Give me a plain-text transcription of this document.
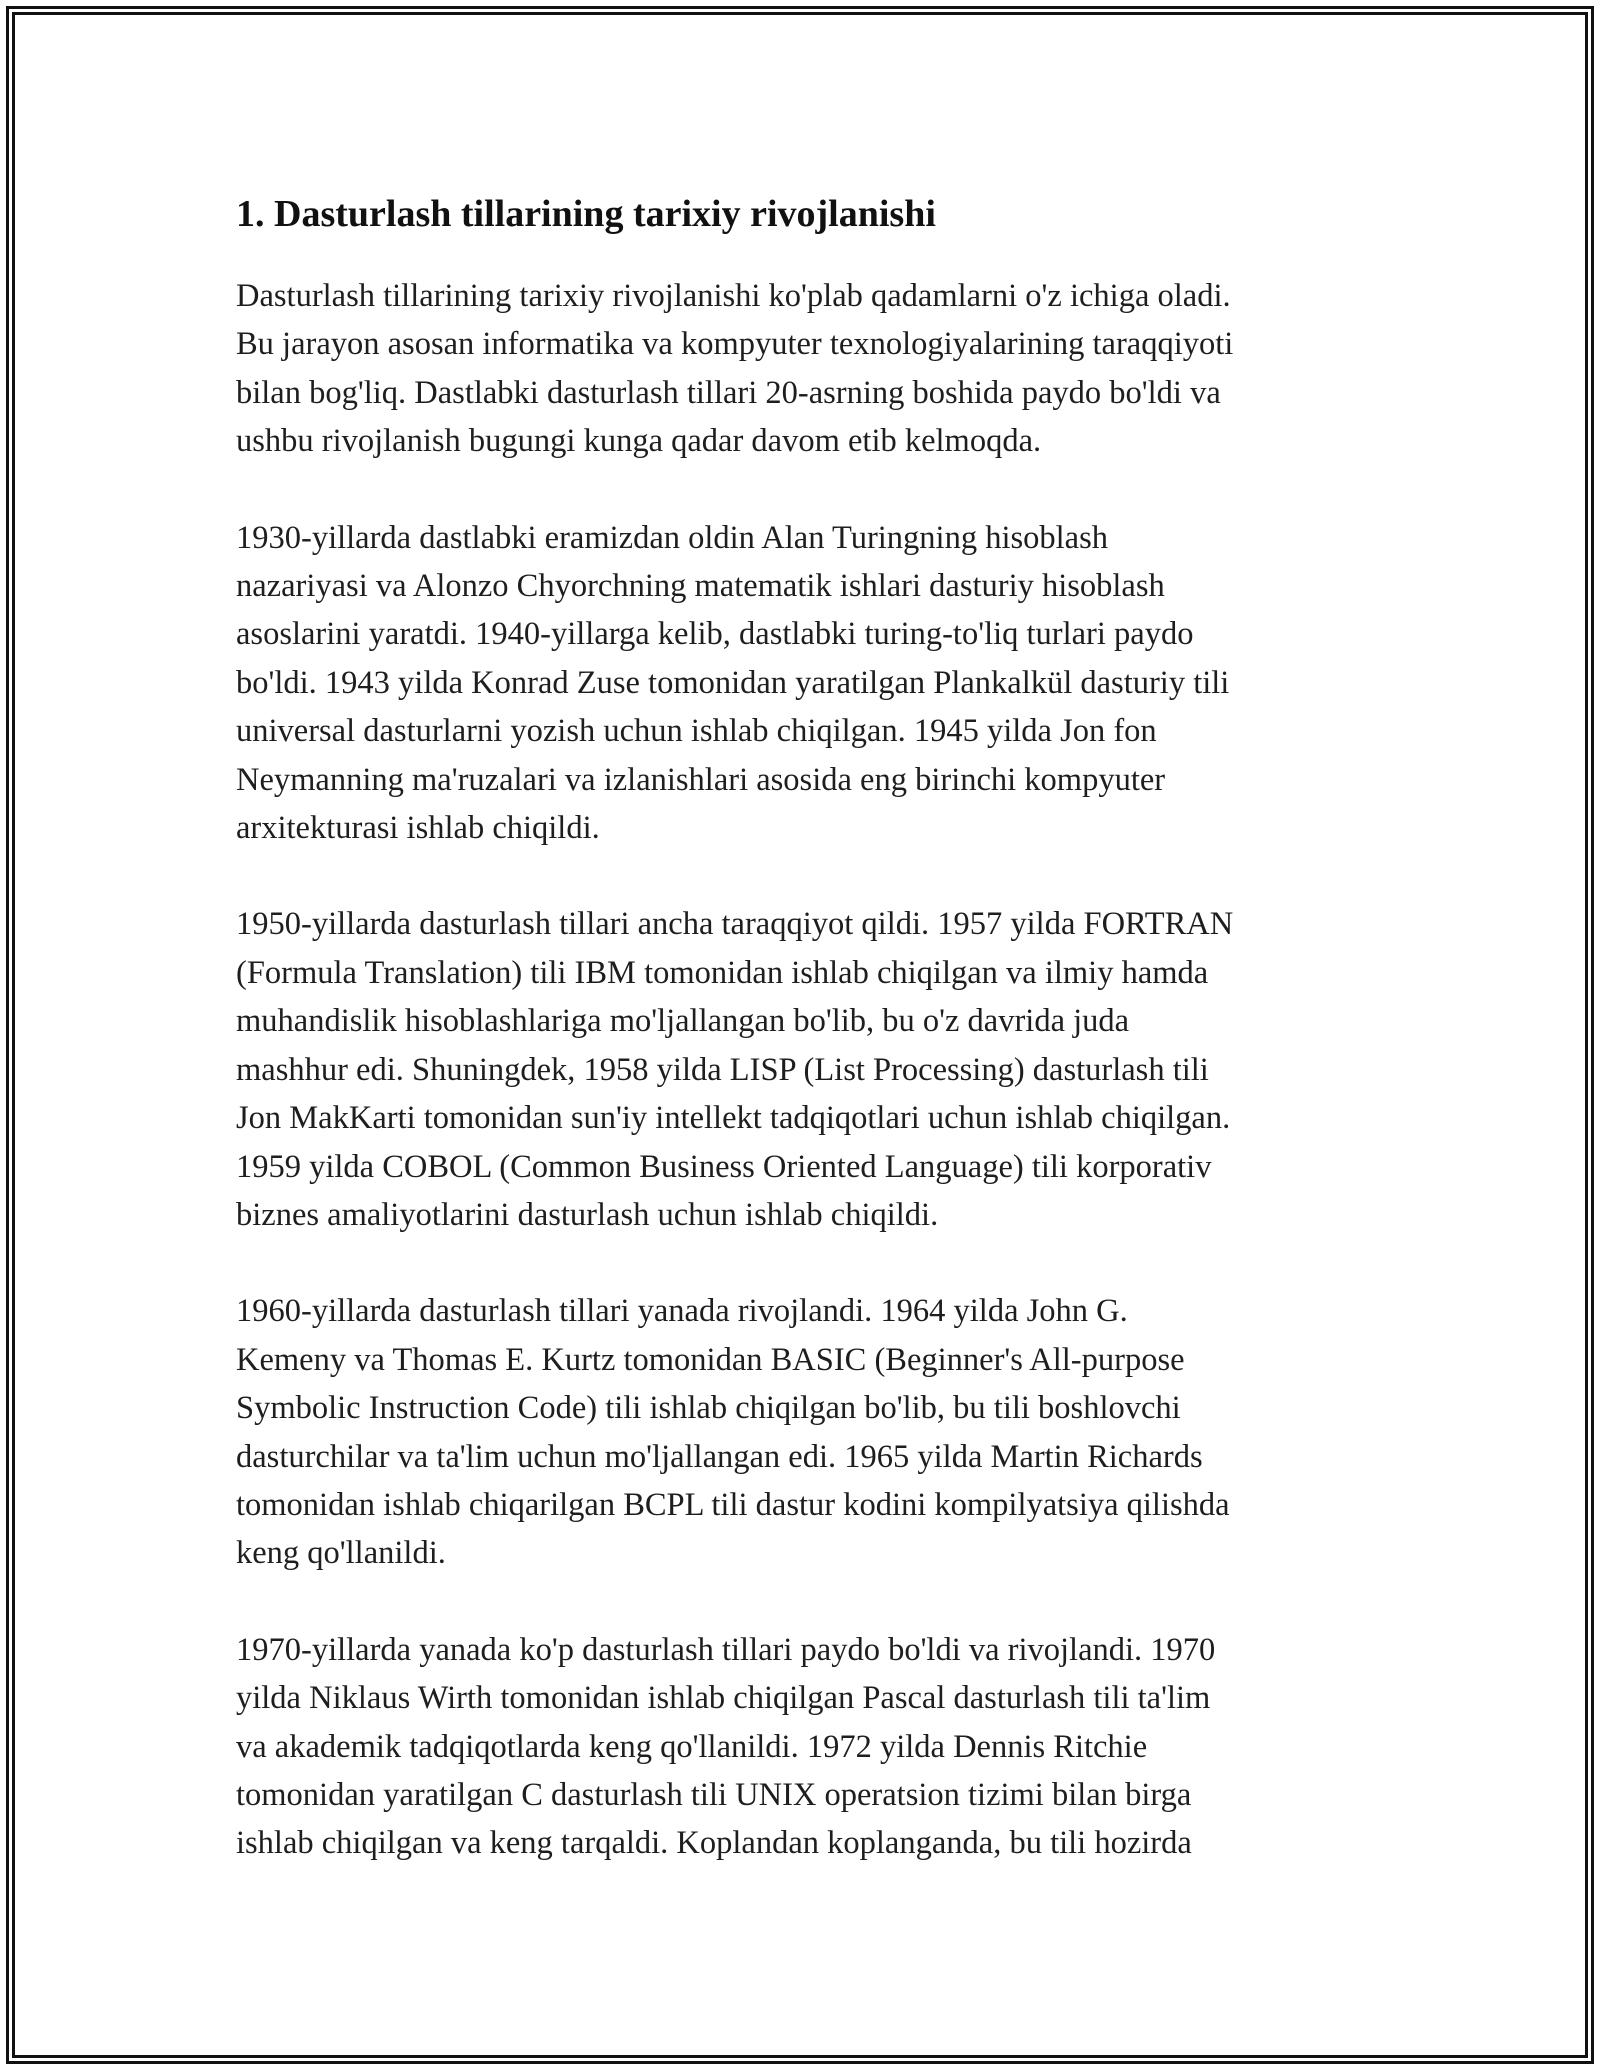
1. Dasturlash tillarining tarixiy rivojlanishi

Dasturlash tillarining tarixiy rivojlanishi ko'plab qadamlarni o'z ichiga oladi.
Bu jarayon asosan informatika va kompyuter texnologiyalarining taraqqiyoti
bilan bog'liq. Dastlabki dasturlash tillari 20-asrning boshida paydo bo'ldi va
ushbu rivojlanish bugungi kunga qadar davom etib kelmoqda.

1930-yillarda dastlabki eramizdan oldin Alan Turingning hisoblash
nazariyasi va Alonzo Chyorchning matematik ishlari dasturiy hisoblash
asoslarini yaratdi. 1940-yillarga kelib, dastlabki turing-to'liq turlari paydo
bo'ldi. 1943 yilda Konrad Zuse tomonidan yaratilgan Plankalkül dasturiy tili
universal dasturlarni yozish uchun ishlab chiqilgan. 1945 yilda Jon fon
Neymanning ma'ruzalari va izlanishlari asosida eng birinchi kompyuter
arxitekturasi ishlab chiqildi.

1950-yillarda dasturlash tillari ancha taraqqiyot qildi. 1957 yilda FORTRAN
(Formula Translation) tili IBM tomonidan ishlab chiqilgan va ilmiy hamda
muhandislik hisoblashlariga mo'ljallangan bo'lib, bu o'z davrida juda
mashhur edi. Shuningdek, 1958 yilda LISP (List Processing) dasturlash tili
Jon MakKarti tomonidan sun'iy intellekt tadqiqotlari uchun ishlab chiqilgan.
1959 yilda COBOL (Common Business Oriented Language) tili korporativ
biznes amaliyotlarini dasturlash uchun ishlab chiqildi.

1960-yillarda dasturlash tillari yanada rivojlandi. 1964 yilda John G.
Kemeny va Thomas E. Kurtz tomonidan BASIC (Beginner's All-purpose
Symbolic Instruction Code) tili ishlab chiqilgan bo'lib, bu tili boshlovchi
dasturchilar va ta'lim uchun mo'ljallangan edi. 1965 yilda Martin Richards
tomonidan ishlab chiqarilgan BCPL tili dastur kodini kompilyatsiya qilishda
keng qo'llanildi.

1970-yillarda yanada ko'p dasturlash tillari paydo bo'ldi va rivojlandi. 1970
yilda Niklaus Wirth tomonidan ishlab chiqilgan Pascal dasturlash tili ta'lim
va akademik tadqiqotlarda keng qo'llanildi. 1972 yilda Dennis Ritchie
tomonidan yaratilgan C dasturlash tili UNIX operatsion tizimi bilan birga
ishlab chiqilgan va keng tarqaldi. Koplandan koplanganda, bu tili hozirda
